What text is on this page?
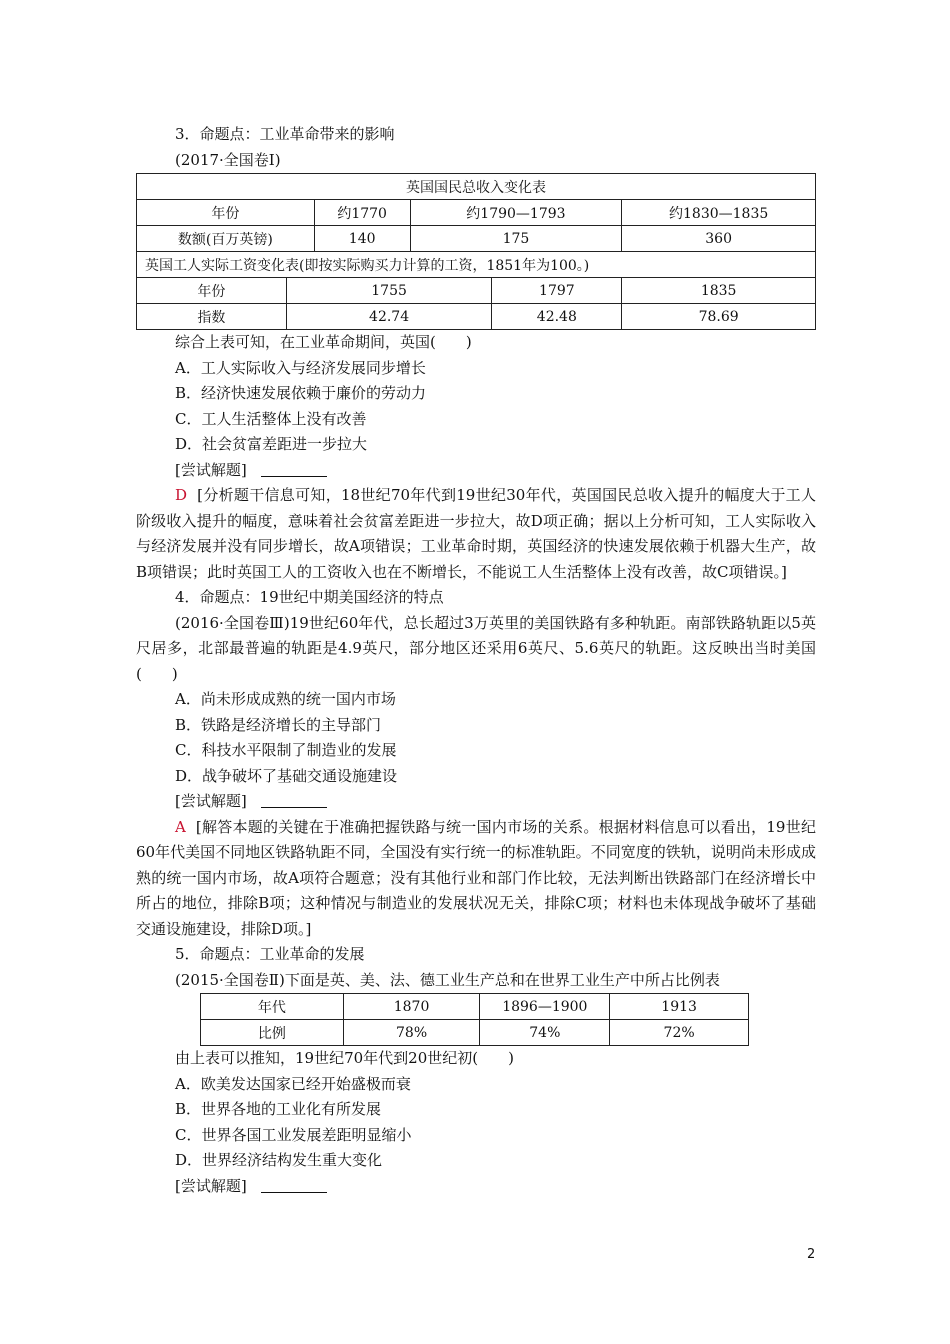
3．命题点：工业革命带来的影响

(2017·全国卷Ⅰ)

英国国民总收入变化表			
年份	约1770	约1790—1793	约1830—1835
数额(百万英镑)	140	175	360
英国工人实际工资变化表(即按实际购买力计算的工资，1851年为100。)			
年份	1755	1797	1835
指数	42.74	42.48	78.69

综合上表可知，在工业革命期间，英国(　　)

A．工人实际收入与经济发展同步增长

B．经济快速发展依赖于廉价的劳动力

C．工人生活整体上没有改善

D．社会贫富差距进一步拉大

[尝试解题]

D [分析题干信息可知，18世纪70年代到19世纪30年代，英国国民总收入提升的幅度大于工人阶级收入提升的幅度，意味着社会贫富差距进一步拉大，故D项正确；据以上分析可知，工人实际收入与经济发展并没有同步增长，故A项错误；工业革命时期，英国经济的快速发展依赖于机器大生产，故B项错误；此时英国工人的工资收入也在不断增长，不能说工人生活整体上没有改善，故C项错误。]

4．命题点：19世纪中期美国经济的特点

(2016·全国卷Ⅲ)19世纪60年代，总长超过3万英里的美国铁路有多种轨距。南部铁路轨距以5英尺居多，北部最普遍的轨距是4.9英尺，部分地区还采用6英尺、5.6英尺的轨距。这反映出当时美国(　　)

A．尚未形成成熟的统一国内市场

B．铁路是经济增长的主导部门

C．科技水平限制了制造业的发展

D．战争破坏了基础交通设施建设

[尝试解题]

A [解答本题的关键在于准确把握铁路与统一国内市场的关系。根据材料信息可以看出，19世纪60年代美国不同地区铁路轨距不同，全国没有实行统一的标准轨距。不同宽度的铁轨，说明尚未形成成熟的统一国内市场，故A项符合题意；没有其他行业和部门作比较，无法判断出铁路部门在经济增长中所占的地位，排除B项；这种情况与制造业的发展状况无关，排除C项；材料也未体现战争破坏了基础交通设施建设，排除D项。]

5．命题点：工业革命的发展

(2015·全国卷Ⅱ)下面是英、美、法、德工业生产总和在世界工业生产中所占比例表

年代	1870	1896—1900	1913
比例	78%	74%	72%

由上表可以推知，19世纪70年代到20世纪初(　　)

A．欧美发达国家已经开始盛极而衰

B．世界各地的工业化有所发展

C．世界各国工业发展差距明显缩小

D．世界经济结构发生重大变化

[尝试解题]

2
